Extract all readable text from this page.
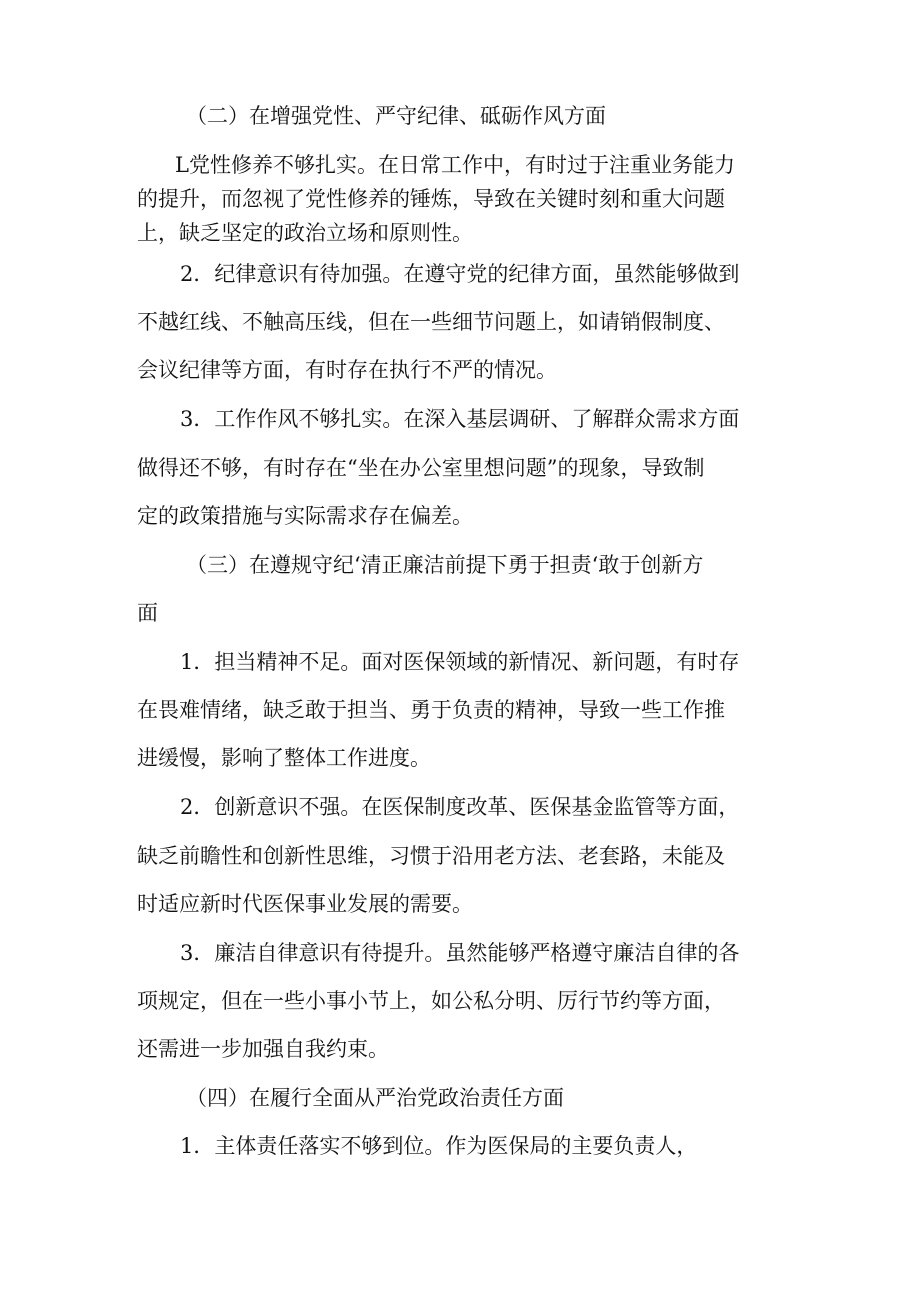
（二）在增强党性、严守纪律、砥砺作风方面
L党性修养不够扎实。在日常工作中，有时过于注重业务能力
的提升，而忽视了党性修养的锤炼，导致在关键时刻和重大问题
上，缺乏坚定的政治立场和原则性。
2．纪律意识有待加强。在遵守党的纪律方面，虽然能够做到
不越红线、不触高压线，但在一些细节问题上，如请销假制度、
会议纪律等方面，有时存在执行不严的情况。
3．工作作风不够扎实。在深入基层调研、了解群众需求方面
做得还不够，有时存在“坐在办公室里想问题”的现象，导致制
定的政策措施与实际需求存在偏差。
（三）在遵规守纪‘清正廉洁前提下勇于担责‘敢于创新方
面
1．担当精神不足。面对医保领域的新情况、新问题，有时存
在畏难情绪，缺乏敢于担当、勇于负责的精神，导致一些工作推
进缓慢，影响了整体工作进度。
2．创新意识不强。在医保制度改革、医保基金监管等方面，
缺乏前瞻性和创新性思维，习惯于沿用老方法、老套路，未能及
时适应新时代医保事业发展的需要。
3．廉洁自律意识有待提升。虽然能够严格遵守廉洁自律的各
项规定，但在一些小事小节上，如公私分明、厉行节约等方面，
还需进一步加强自我约束。
（四）在履行全面从严治党政治责任方面
1．主体责任落实不够到位。作为医保局的主要负责人，
